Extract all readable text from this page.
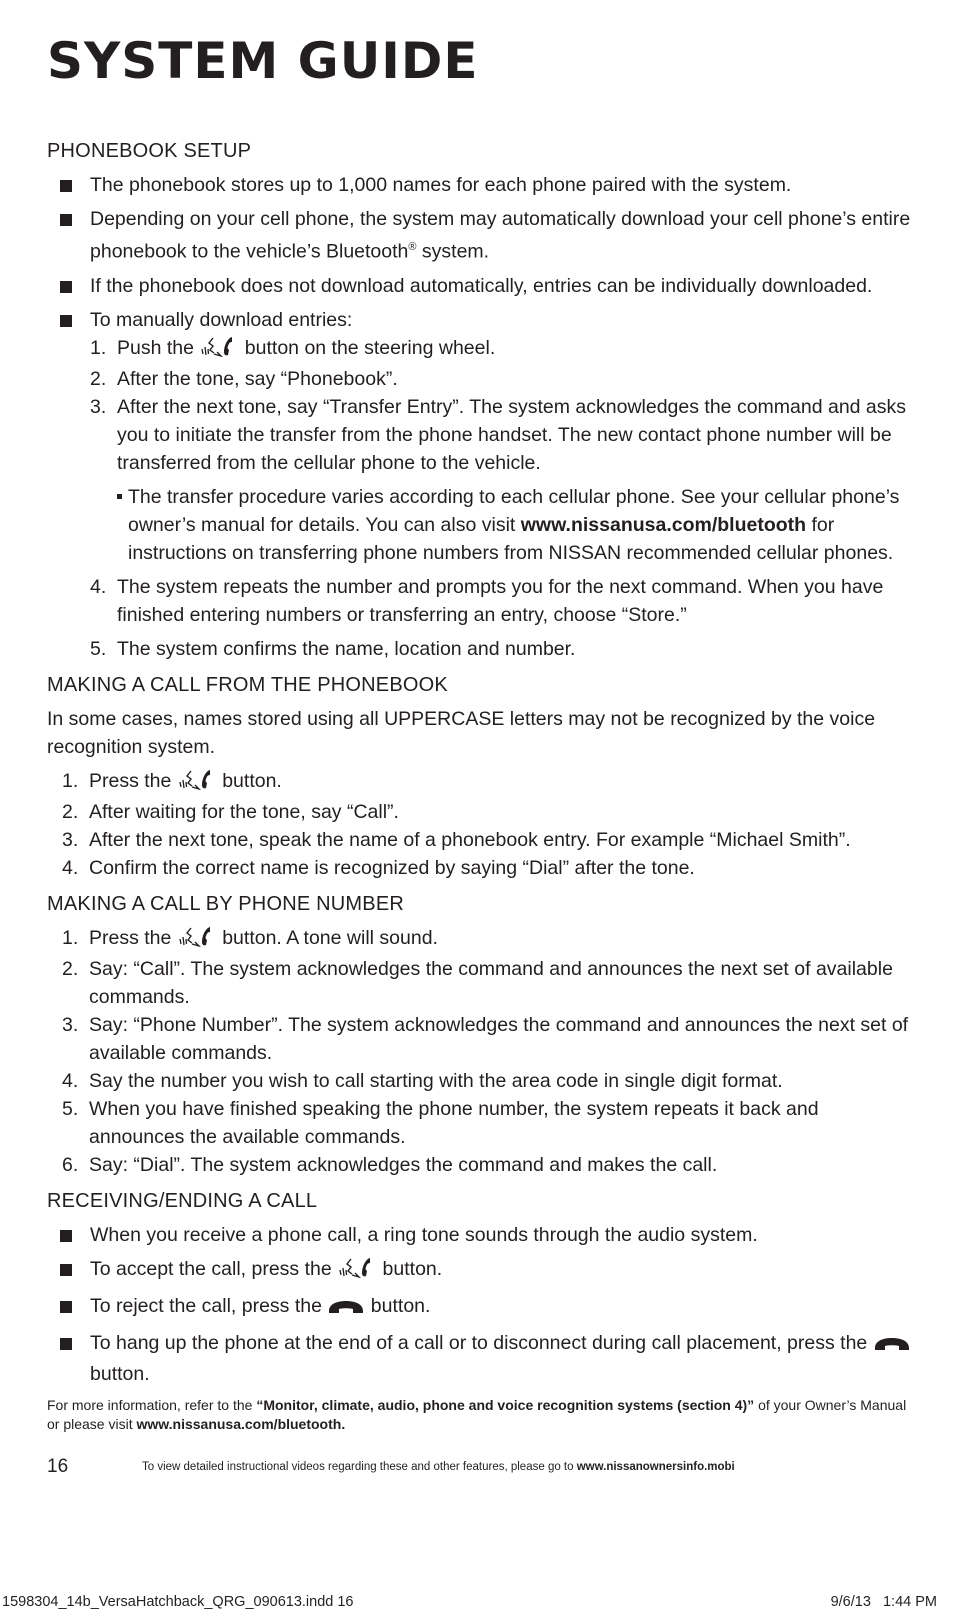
SYSTEM GUIDE
PHONEBOOK SETUP
The phonebook stores up to 1,000 names for each phone paired with the system.
Depending on your cell phone, the system may automatically download your cell phone’s entire phonebook to the vehicle’s Bluetooth® system.
If the phonebook does not download automatically, entries can be individually downloaded.
To manually download entries:
1. Push the  button on the steering wheel.
2. After the tone, say “Phonebook”.
3. After the next tone, say “Transfer Entry”. The system acknowledges the command and asks you to initiate the transfer from the phone handset. The new contact phone number will be transferred from the cellular phone to the vehicle.
The transfer procedure varies according to each cellular phone. See your cellular phone’s owner’s manual for details. You can also visit www.nissanusa.com/bluetooth for instructions on transferring phone numbers from NISSAN recommended cellular phones.
4. The system repeats the number and prompts you for the next command. When you have finished entering numbers or transferring an entry, choose “Store.”
5. The system confirms the name, location and number.
MAKING A CALL FROM THE PHONEBOOK

In some cases, names stored using all UPPERCASE letters may not be recognized by the voice recognition system.

1. Press the  button.
2. After waiting for the tone, say “Call”.
3. After the next tone, speak the name of a phonebook entry. For example “Michael Smith”.
4. Confirm the correct name is recognized by saying “Dial” after the tone.
MAKING A CALL BY PHONE NUMBER
1. Press the  button. A tone will sound.
2. Say: “Call”. The system acknowledges the command and announces the next set of available commands.
3. Say: “Phone Number”. The system acknowledges the command and announces the next set of available commands.
4. Say the number you wish to call starting with the area code in single digit format.
5. When you have finished speaking the phone number, the system repeats it back and announces the available commands.
6. Say: “Dial”. The system acknowledges the command and makes the call.
RECEIVING/ENDING A CALL
When you receive a phone call, a ring tone sounds through the audio system.
To accept the call, press the  button.
To reject the call, press the  button.
To hang up the phone at the end of a call or to disconnect during call placement, press the  button.
For more information, refer to the “Monitor, climate, audio, phone and voice recognition systems (section 4)” of your Owner’s Manual or please visit www.nissanusa.com/bluetooth.
16	To view detailed instructional videos regarding these and other features, please go to www.nissanownersinfo.mobi
1598304_14b_VersaHatchback_QRG_090613.indd 16	9/6/13   1:44 PM
